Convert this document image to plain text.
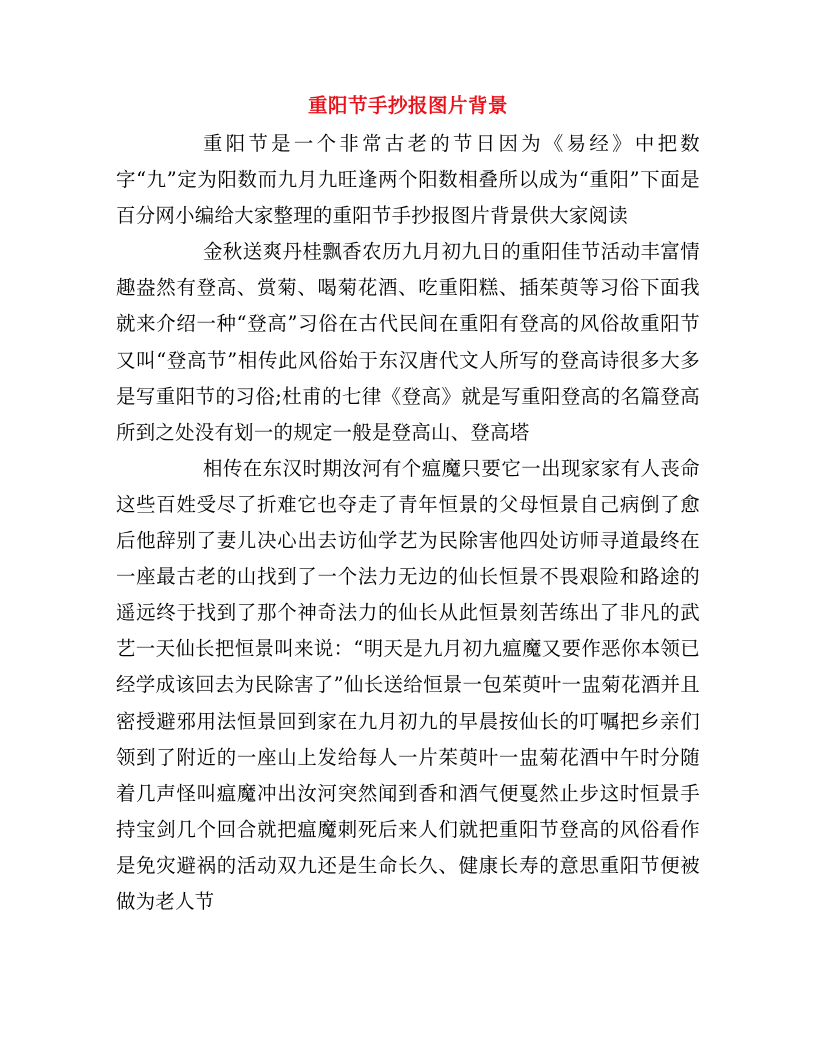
重阳节手抄报图片背景

重阳节是一个非常古老的节日因为《易经》中把数字“九”定为阳数而九月九旺逢两个阳数相叠所以成为“重阳”下面是百分网小编给大家整理的重阳节手抄报图片背景供大家阅读

金秋送爽丹桂飘香农历九月初九日的重阳佳节活动丰富情趣盎然有登高、赏菊、喝菊花酒、吃重阳糕、插茱萸等习俗下面我就来介绍一种“登高”习俗在古代民间在重阳有登高的风俗故重阳节又叫“登高节”相传此风俗始于东汉唐代文人所写的登高诗很多大多是写重阳节的习俗;杜甫的七律《登高》就是写重阳登高的名篇登高所到之处没有划一的规定一般是登高山、登高塔

相传在东汉时期汝河有个瘟魔只要它一出现家家有人丧命这些百姓受尽了折难它也夺走了青年恒景的父母恒景自己病倒了愈后他辞别了妻儿决心出去访仙学艺为民除害他四处访师寻道最终在一座最古老的山找到了一个法力无边的仙长恒景不畏艰险和路途的遥远终于找到了那个神奇法力的仙长从此恒景刻苦练出了非凡的武艺一天仙长把恒景叫来说：“明天是九月初九瘟魔又要作恶你本领已经学成该回去为民除害了”仙长送给恒景一包茱萸叶一盅菊花酒并且密授避邪用法恒景回到家在九月初九的早晨按仙长的叮嘱把乡亲们领到了附近的一座山上发给每人一片茱萸叶一盅菊花酒中午时分随着几声怪叫瘟魔冲出汝河突然闻到香和酒气便戛然止步这时恒景手持宝剑几个回合就把瘟魔刺死后来人们就把重阳节登高的风俗看作是免灾避祸的活动双九还是生命长久、健康长寿的意思重阳节便被做为老人节
